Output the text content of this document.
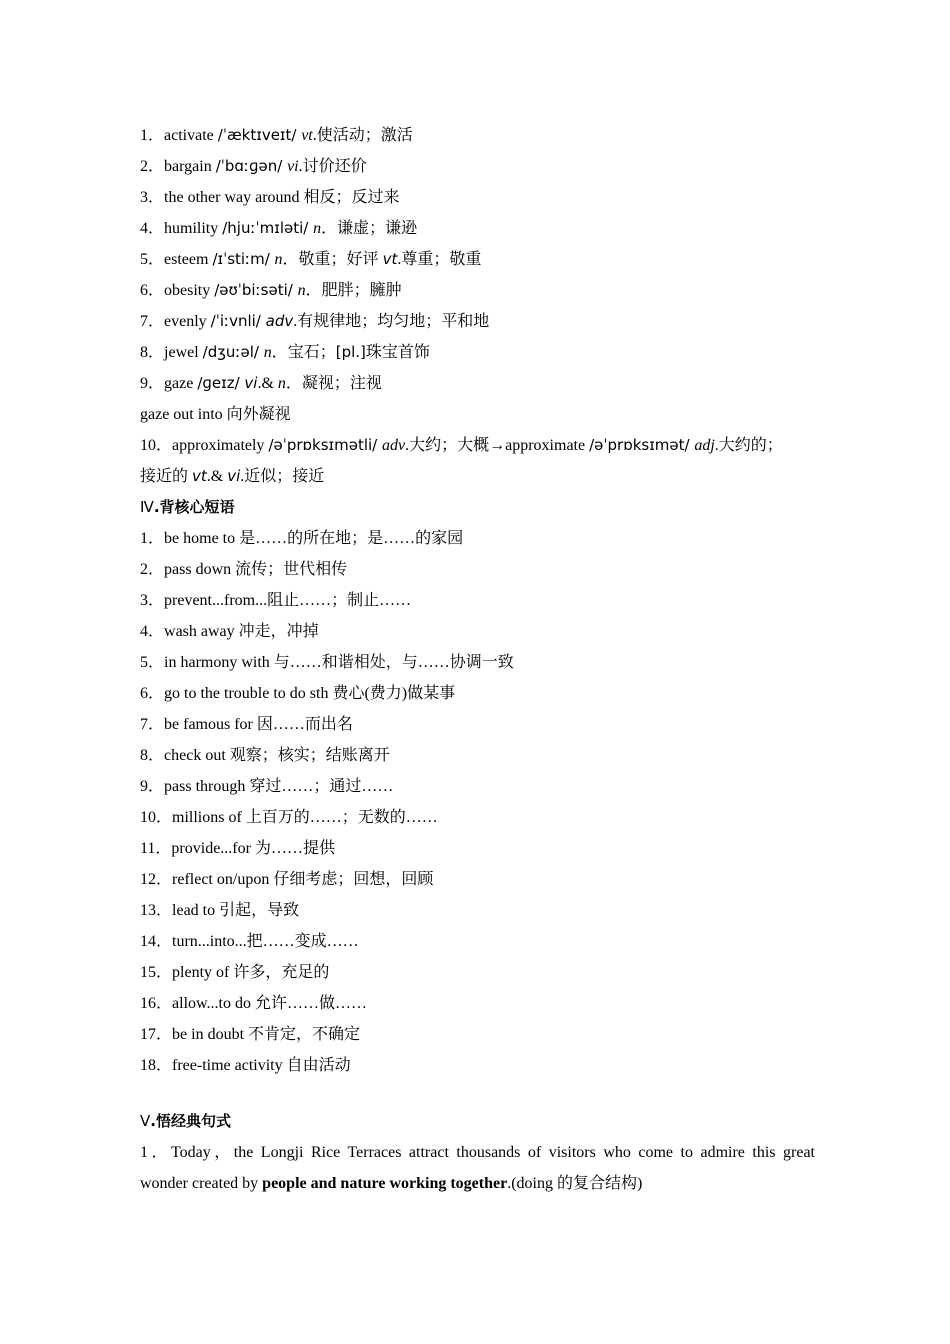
1．activate /ˈæktɪveɪt/ vt.使活动；激活
2．bargain /ˈbɑːɡən/ vi.讨价还价
3．the other way around 相反；反过来
4．humility /hjuːˈmɪləti/ n．谦虚；谦逊
5．esteem /ɪˈstiːm/ n．敬重；好评 vt.尊重；敬重
6．obesity /əʊˈbiːsəti/ n．肥胖；臃肿
7．evenly /ˈiːvnli/ adv.有规律地；均匀地；平和地
8．jewel /dʒuːəl/ n．宝石；[pl.]珠宝首饰
9．gaze /ɡeɪz/ vi.& n．凝视；注视
gaze out into 向外凝视
10．approximately /əˈprɒksɪmətli/ adv.大约；大概→approximate /əˈprɒksɪmət/ adj.大约的；
接近的 vt.& vi.近似；接近
Ⅳ.背核心短语
1．be home to 是……的所在地；是……的家园
2．pass down 流传；世代相传
3．prevent...from...阻止……；制止……
4．wash away 冲走，冲掉
5．in harmony with 与……和谐相处，与……协调一致
6．go to the trouble to do sth 费心(费力)做某事
7．be famous for 因……而出名
8．check out 观察；核实；结账离开
9．pass through 穿过……；通过……
10．millions of 上百万的……；无数的……
11．provide...for 为……提供
12．reflect on/upon 仔细考虑；回想，回顾
13．lead to 引起，导致
14．turn...into...把……变成……
15．plenty of 许多，充足的
16．allow...to do 允许……做……
17．be in doubt 不肯定，不确定
18．free-time activity 自由活动
Ⅴ.悟经典句式
1．Today，the Longji Rice Terraces attract thousands of visitors who come to admire this great
wonder created by people and nature working together.(doing 的复合结构)
